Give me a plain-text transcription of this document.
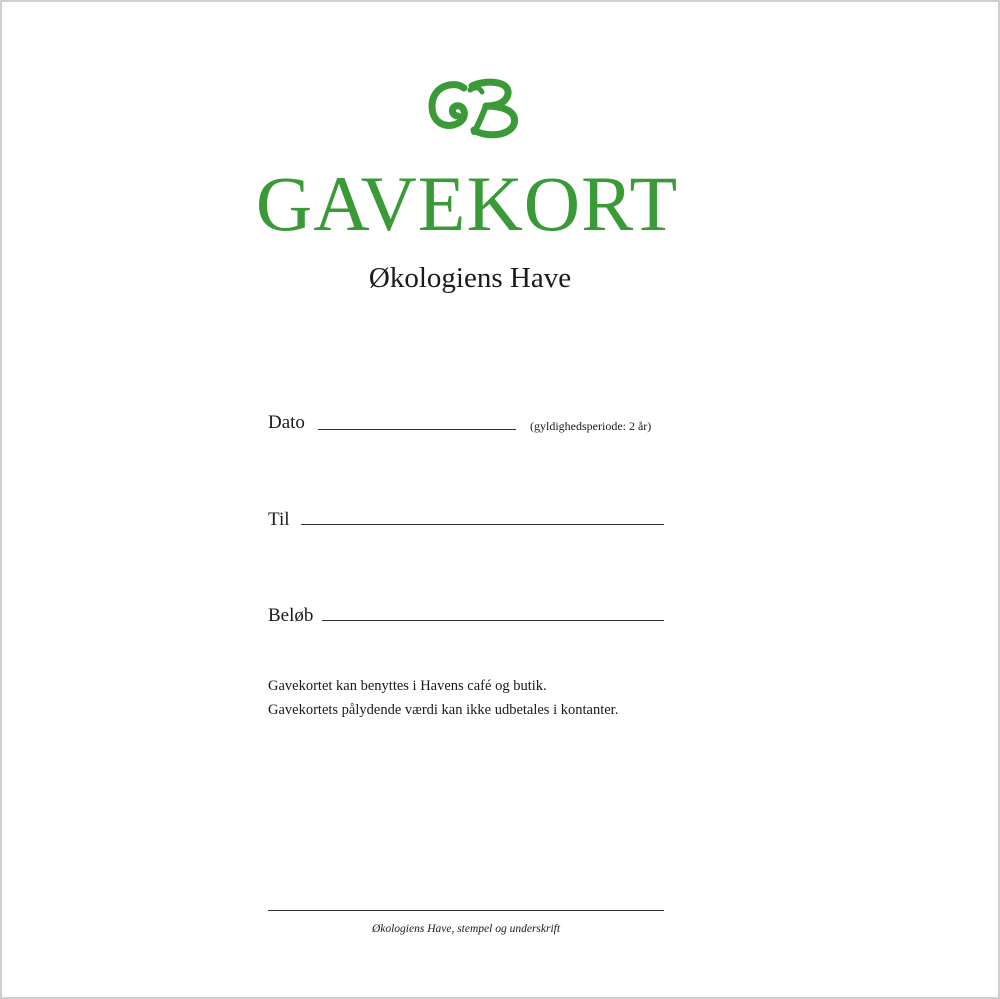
GAVEKORT

Økologiens Have

Dato	(gyldighedsperiode: 2 år)
Til
Beløb
Gavekortet kan benyttes i Havens café og butik.
Gavekortets pålydende værdi kan ikke udbetales i kontanter.
Økologiens Have, stempel og underskrift
